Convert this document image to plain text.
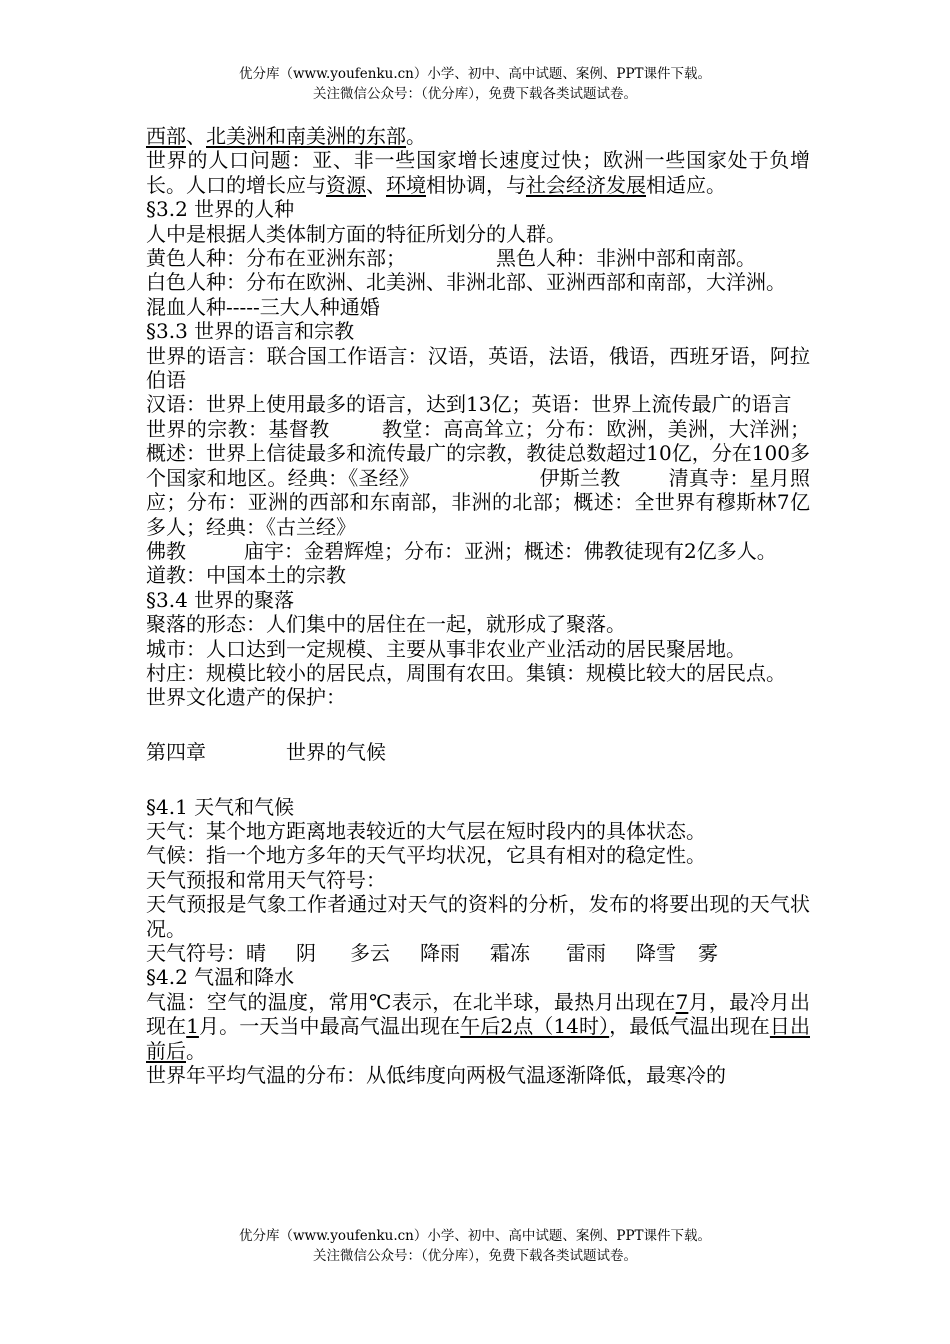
优分库（www.youfenku.cn）小学、初中、高中试题、案例、PPT课件下载。
关注微信公众号：（优分库），免费下载各类试题试卷。

西部、北美洲和南美洲的东部。

世界的人口问题：亚、非一些国家增长速度过快；欧洲一些国家处于负增长。人口的增长应与资源、环境相协调，与社会经济发展相适应。

§3.2 世界的人种

人中是根据人类体制方面的特征所划分的人群。

黄色人种：分布在亚洲东部；	黑色人种：非洲中部和南部。

白色人种：分布在欧洲、北美洲、非洲北部、亚洲西部和南部，大洋洲。

混血人种-----三大人种通婚

§3.3 世界的语言和宗教

世界的语言：联合国工作语言：汉语，英语，法语，俄语，西班牙语，阿拉伯语

汉语：世界上使用最多的语言，达到13亿；英语：世界上流传最广的语言

世界的宗教：基督教	教堂：高高耸立；分布：欧洲，美洲，大洋洲；概述：世界上信徒最多和流传最广的宗教，教徒总数超过10亿，分在100多个国家和地区。经典：《圣经》	伊斯兰教 清真寺：星月照应；分布：亚洲的西部和东南部，非洲的北部；概述：全世界有穆斯林7亿多人；经典：《古兰经》

佛教	庙宇：金碧辉煌；分布：亚洲；概述：佛教徒现有2亿多人。

道教：中国本土的宗教

§3.4 世界的聚落

聚落的形态：人们集中的居住在一起，就形成了聚落。

城市：人口达到一定规模、主要从事非农业产业活动的居民聚居地。

村庄：规模比较小的居民点，周围有农田。集镇：规模比较大的居民点。

世界文化遗产的保护：

第四章	世界的气候

§4.1 天气和气候

天气：某个地方距离地表较近的大气层在短时段内的具体状态。

气候：指一个地方多年的天气平均状况，它具有相对的稳定性。

天气预报和常用天气符号：

天气预报是气象工作者通过对天气的资料的分析，发布的将要出现的天气状况。

天气符号：晴 阴 多云 降雨 霜冻 雷雨 降雪 雾

§4.2 气温和降水

气温：空气的温度，常用℃表示，在北半球，最热月出现在7月，最冷月出现在1月。一天当中最高气温出现在午后2点（14时），最低气温出现在日出前后。

世界年平均气温的分布：从低纬度向两极气温逐渐降低，最寒冷的

优分库（www.youfenku.cn）小学、初中、高中试题、案例、PPT课件下载。
关注微信公众号：（优分库），免费下载各类试题试卷。
